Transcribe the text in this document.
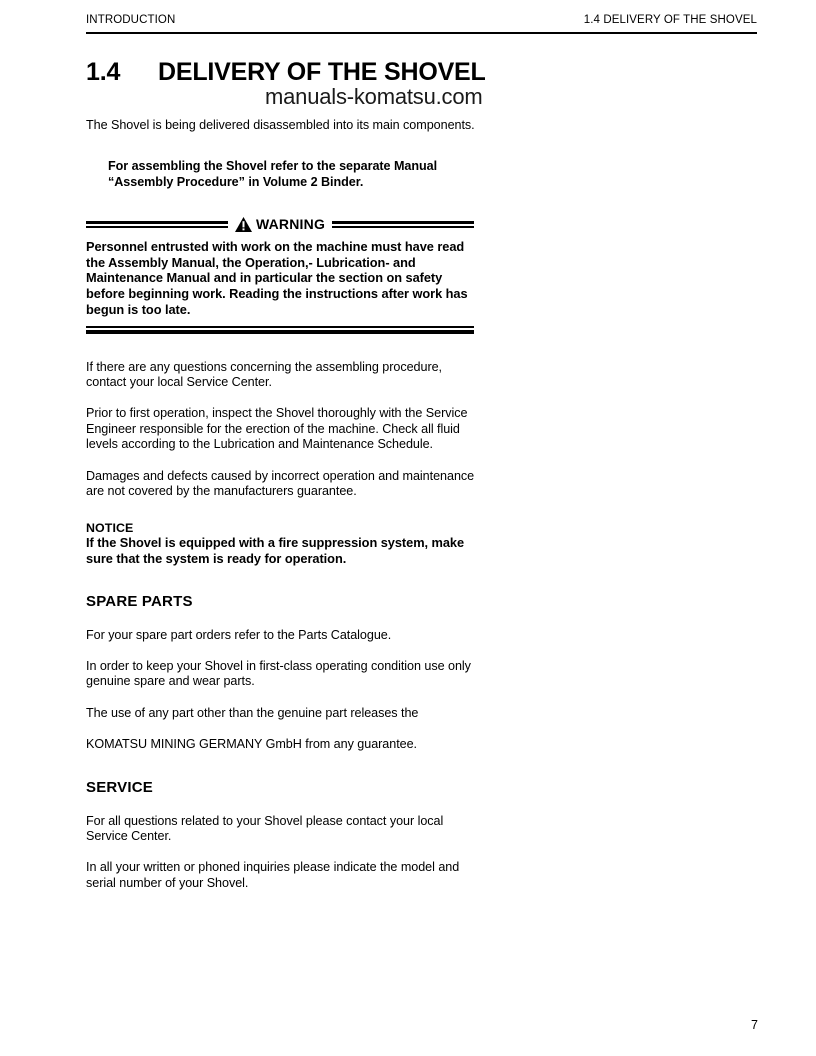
INTRODUCTION	1.4 DELIVERY OF THE SHOVEL
1.4	DELIVERY OF THE SHOVEL
manuals-komatsu.com

The Shovel is being delivered disassembled into its main components.

For assembling the Shovel refer to the separate Manual “Assembly Procedure” in Volume 2 Binder.

WARNING

Personnel entrusted with work on the machine must have read the Assembly Manual, the Operation,- Lubrication- and Maintenance Manual and in particular the section on safety before beginning work. Reading the instructions after work has begun is too late.

If there are any questions concerning the assembling procedure, contact your local Service Center.

Prior to first operation, inspect the Shovel thoroughly with the Service Engineer responsible for the erection of the machine. Check all fluid levels according to the Lubrication and Maintenance Schedule.

Damages and defects caused by incorrect operation and maintenance are not covered by the manufacturers guarantee.

NOTICE

If the Shovel is equipped with a fire suppression system, make sure that the system is ready for operation.

SPARE PARTS

For your spare part orders refer to the Parts Catalogue.

In order to keep your Shovel in first-class operating condition use only genuine spare and wear parts.

The use of any part other than the genuine part releases the

KOMATSU MINING GERMANY GmbH from any guarantee.

SERVICE

For all questions related to your Shovel please contact your local Service Center.

In all your written or phoned inquiries please indicate the model and serial number of your Shovel.

7
